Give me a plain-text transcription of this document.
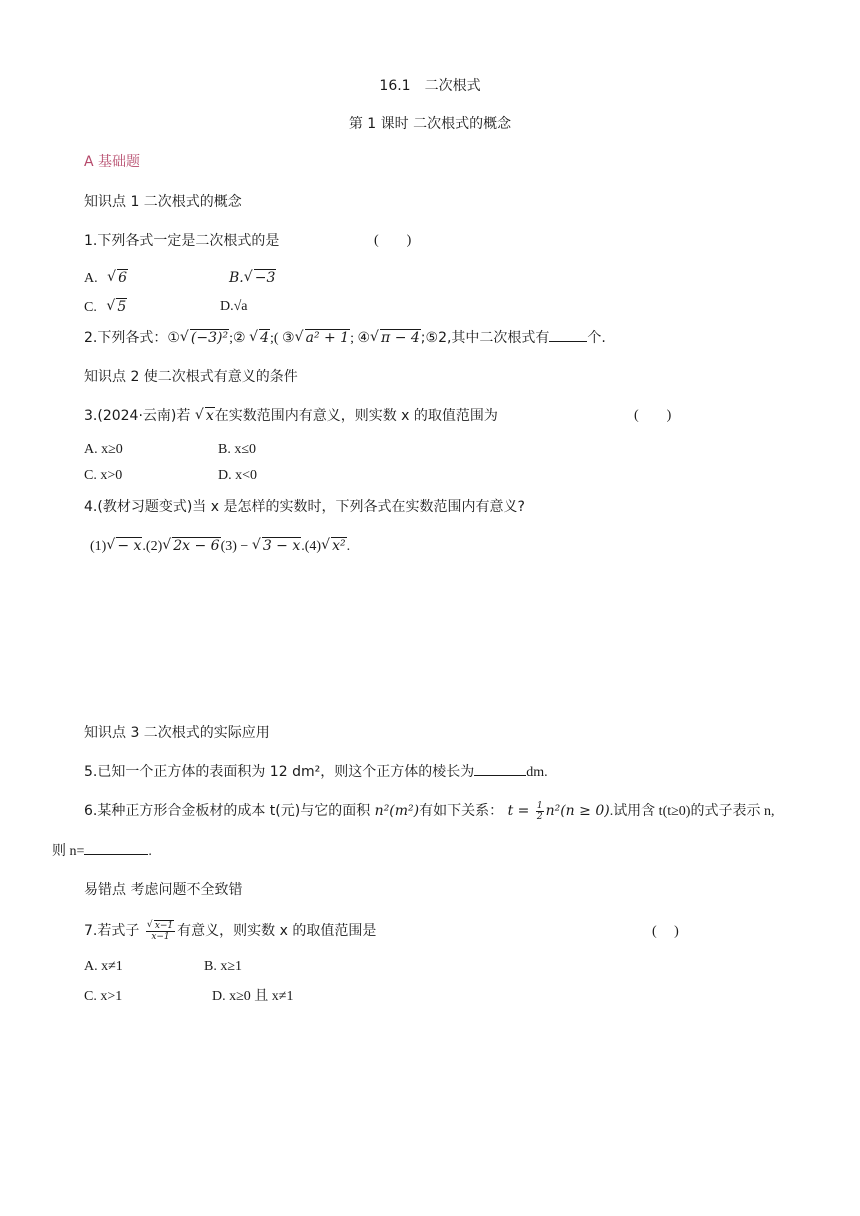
16.1　二次根式
第 1 课时 二次根式的概念
A 基础题
知识点 1 二次根式的概念
1.下列各式一定是二次根式的是	(　　)
A. √ 6	B. √ −3
C. √ 5	D.√a
2.下列各式：① √ (−3)²;② √ 4;( ③ √ a² + 1; ④ √ π − 4;⑤2,其中二次根式有	个.
知识点 2 使二次根式有意义的条件
3.(2024·云南)若 √ x在实数范围内有意义，则实数 x 的取值范围为	(　　)
A. x≥0	B. x≤0
C. x>0	D. x<0
4.(教材习题变式)当 x 是怎样的实数时，下列各式在实数范围内有意义?
(1) √ − x.(2) √ 2x − 6(3) − √ 3 − x.(4) √ x².
知识点 3 二次根式的实际应用
5.已知一个正方体的表面积为 12 dm²，则这个正方体的棱长为	dm.
6.某种正方形合金板材的成本 t(元)与它的面积 n²(m²)有如下关系： $t = \frac{1}{2} n^2(n \ge 0)$.试用含 t(t≥0)的式子表示 n,
则 n=	.
易错点 考虑问题不全致错
7.若式子 √ $\frac{x-1}{x-1}$ 有意义，则实数 x 的取值范围是	(　 )
A. x≠1	B. x≥1
C. x>1	D. x≥0 且 x≠1
